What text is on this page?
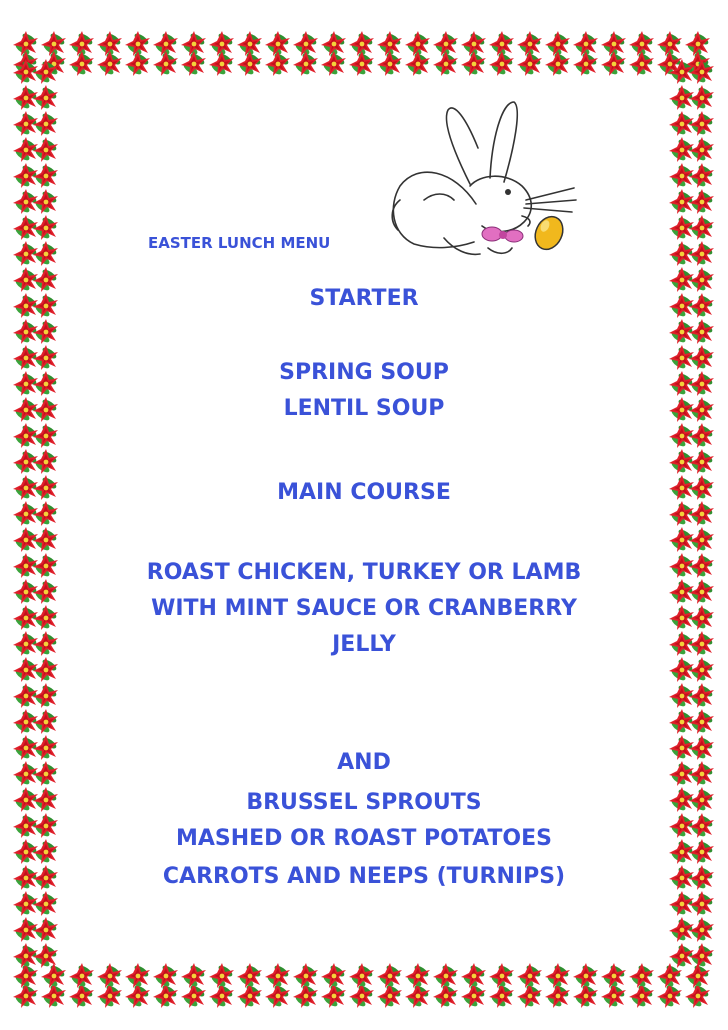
EASTER LUNCH MENU
STARTER
SPRING SOUP
LENTIL SOUP
MAIN COURSE
ROAST CHICKEN, TURKEY OR LAMB
WITH MINT SAUCE OR CRANBERRY
JELLY
AND
BRUSSEL SPROUTS
MASHED OR ROAST POTATOES
CARROTS AND NEEPS (TURNIPS)
